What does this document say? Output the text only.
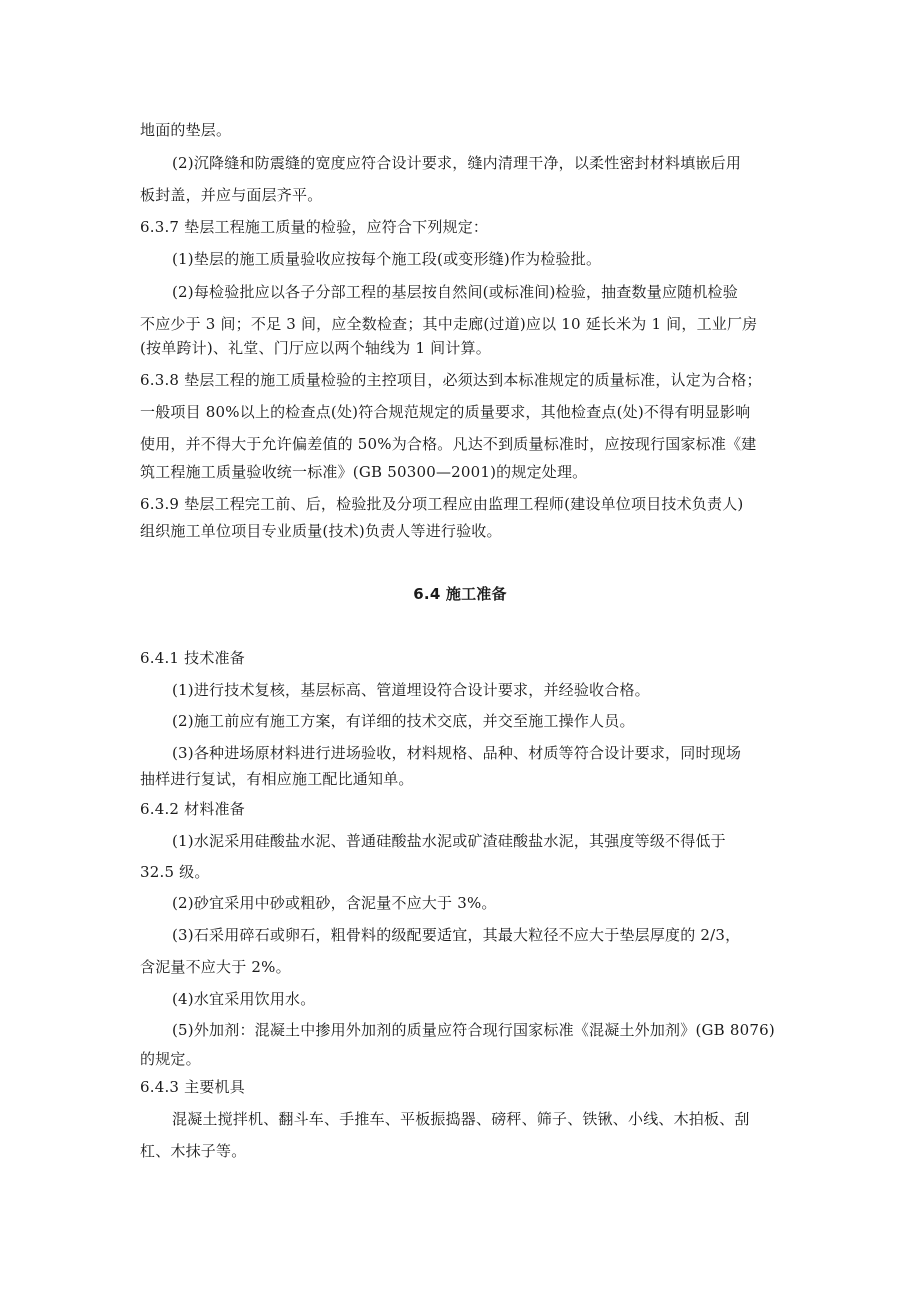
地面的垫层。
(2)沉降缝和防震缝的宽度应符合设计要求，缝内清理干净，以柔性密封材料填嵌后用
板封盖，并应与面层齐平。
6.3.7 垫层工程施工质量的检验，应符合下列规定：
(1)垫层的施工质量验收应按每个施工段(或变形缝)作为检验批。
(2)每检验批应以各子分部工程的基层按自然间(或标准间)检验，抽查数量应随机检验
不应少于 3 间；不足 3 间，应全数检查；其中走廊(过道)应以 10 延长米为 1 间，工业厂房
(按单跨计)、礼堂、门厅应以两个轴线为 1 间计算。
6.3.8 垫层工程的施工质量检验的主控项目，必须达到本标准规定的质量标准，认定为合格；
一般项目 80%以上的检查点(处)符合规范规定的质量要求，其他检查点(处)不得有明显影响
使用，并不得大于允许偏差值的 50%为合格。凡达不到质量标准时，应按现行国家标准《建
筑工程施工质量验收统一标准》(GB 50300—2001)的规定处理。
6.3.9 垫层工程完工前、后，检验批及分项工程应由监理工程师(建设单位项目技术负责人)
组织施工单位项目专业质量(技术)负责人等进行验收。
6.4 施工准备
6.4.1 技术准备
(1)进行技术复核，基层标高、管道埋设符合设计要求，并经验收合格。
(2)施工前应有施工方案，有详细的技术交底，并交至施工操作人员。
(3)各种进场原材料进行进场验收，材料规格、品种、材质等符合设计要求，同时现场
抽样进行复试，有相应施工配比通知单。
6.4.2 材料准备
(1)水泥采用硅酸盐水泥、普通硅酸盐水泥或矿渣硅酸盐水泥，其强度等级不得低于
32.5 级。
(2)砂宜采用中砂或粗砂，含泥量不应大于 3%。
(3)石采用碎石或卵石，粗骨料的级配要适宜，其最大粒径不应大于垫层厚度的 2/3，
含泥量不应大于 2%。
(4)水宜采用饮用水。
(5)外加剂：混凝土中掺用外加剂的质量应符合现行国家标准《混凝土外加剂》(GB 8076)
的规定。
6.4.3 主要机具
混凝土搅拌机、翻斗车、手推车、平板振捣器、磅秤、筛子、铁锹、小线、木拍板、刮
杠、木抹子等。
